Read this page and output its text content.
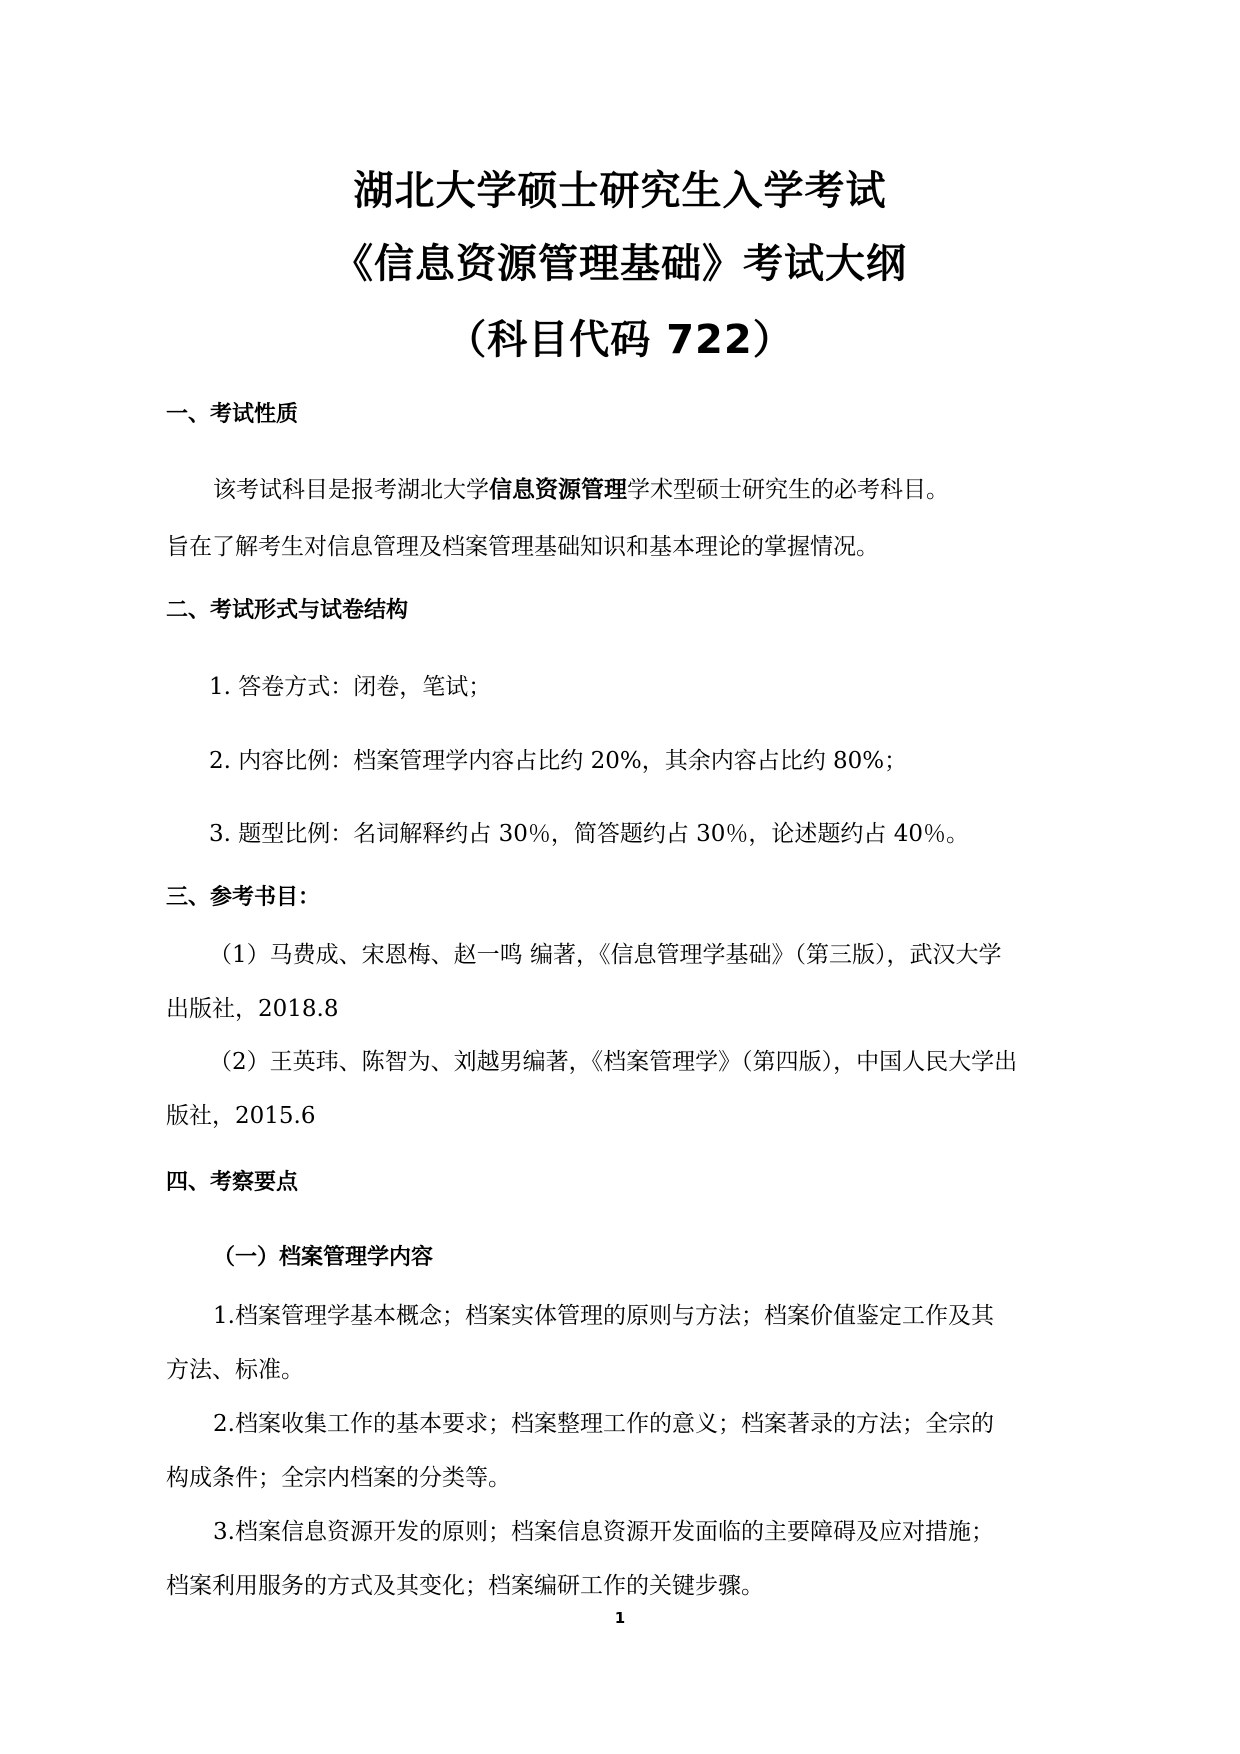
湖北大学硕士研究生入学考试
《信息资源管理基础》考试大纲
（科目代码 722）
一、考试性质
该考试科目是报考湖北大学信息资源管理学术型硕士研究生的必考科目。
旨在了解考生对信息管理及档案管理基础知识和基本理论的掌握情况。
二、考试形式与试卷结构
1. 答卷方式：闭卷，笔试；
2. 内容比例：档案管理学内容占比约 20%，其余内容占比约 80%；
3. 题型比例：名词解释约占 30％，简答题约占 30％，论述题约占 40％。
三、参考书目：
（1）马费成、宋恩梅、赵一鸣 编著，《信息管理学基础》（第三版），武汉大学
出版社，2018.8
（2）王英玮、陈智为、刘越男编著，《档案管理学》（第四版），中国人民大学出
版社，2015.6
四、考察要点
（一）档案管理学内容
1.档案管理学基本概念；档案实体管理的原则与方法；档案价值鉴定工作及其
方法、标准。
2.档案收集工作的基本要求；档案整理工作的意义；档案著录的方法；全宗的
构成条件；全宗内档案的分类等。
3.档案信息资源开发的原则；档案信息资源开发面临的主要障碍及应对措施；
档案利用服务的方式及其变化；档案编研工作的关键步骤。
1
